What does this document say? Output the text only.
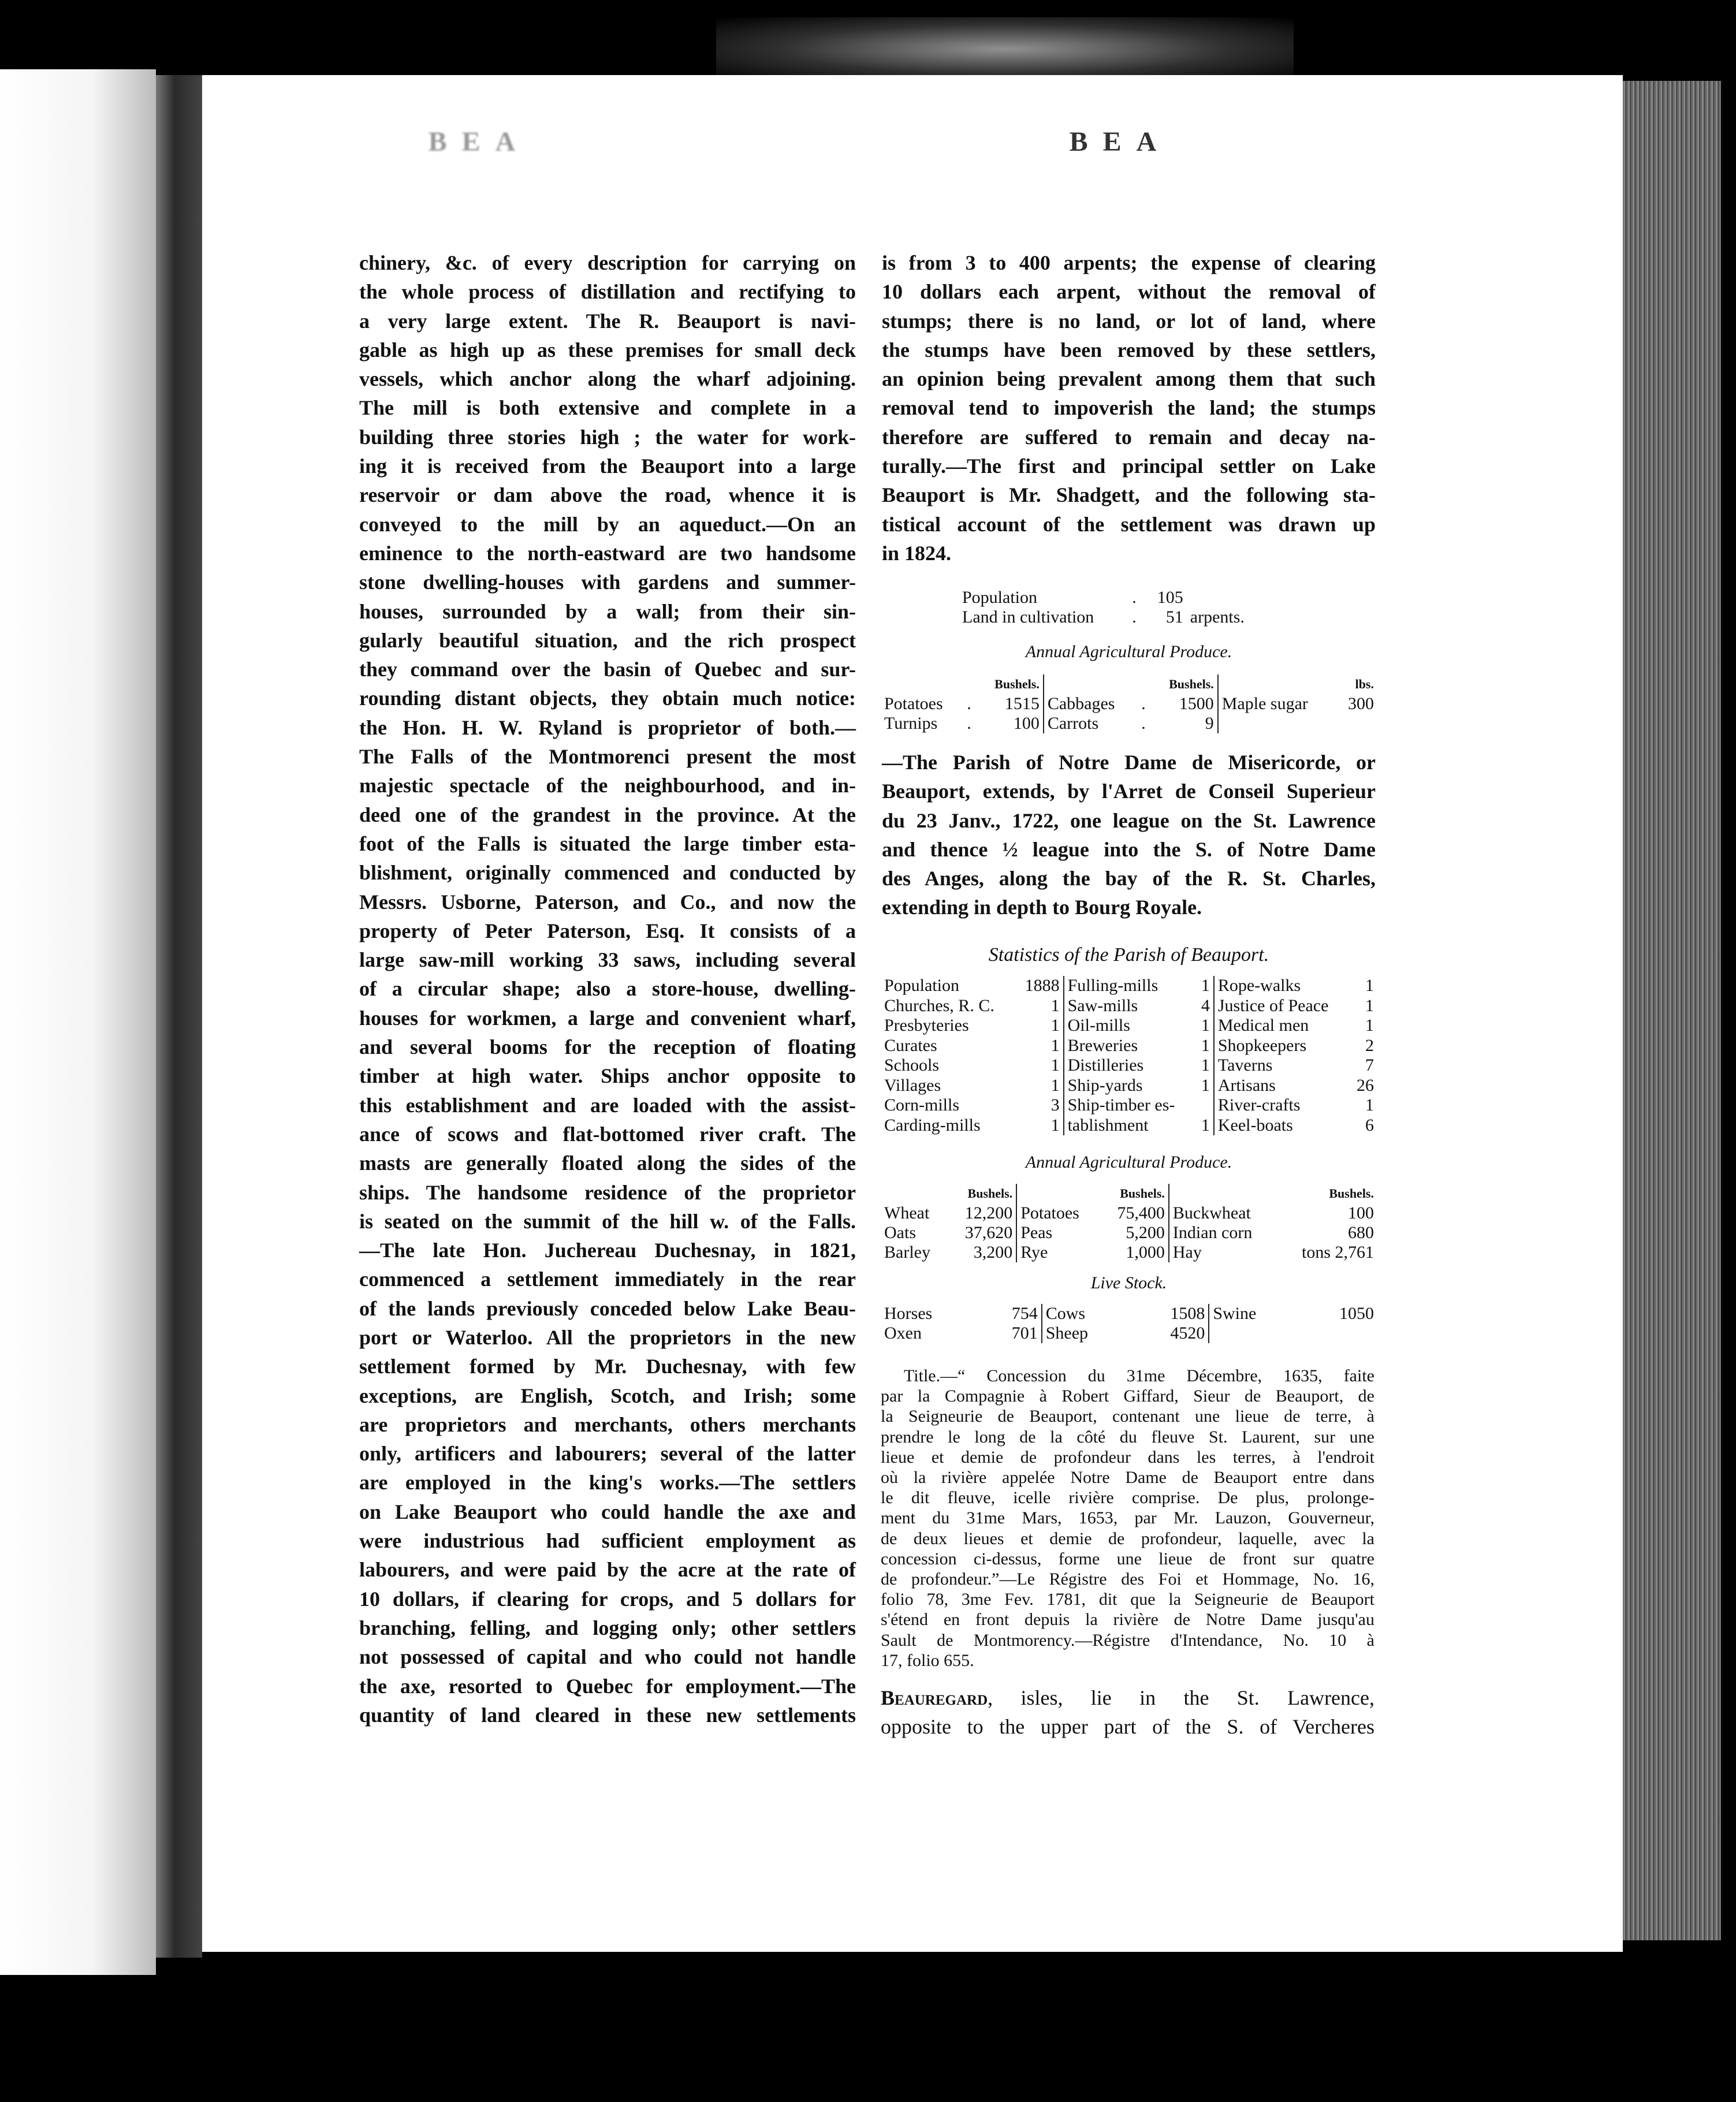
BEA	BEA

chinery, &c. of every description for carrying on

the whole process of distillation and rectifying to

a very large extent. The R. Beauport is navi-

gable as high up as these premises for small deck

vessels, which anchor along the wharf adjoining.

The mill is both extensive and complete in a

building three stories high ; the water for work-

ing it is received from the Beauport into a large

reservoir or dam above the road, whence it is

conveyed to the mill by an aqueduct.—On an

eminence to the north-eastward are two handsome

stone dwelling-houses with gardens and summer-

houses, surrounded by a wall; from their sin-

gularly beautiful situation, and the rich prospect

they command over the basin of Quebec and sur-

rounding distant objects, they obtain much notice:

the Hon. H. W. Ryland is proprietor of both.—

The Falls of the Montmorenci present the most

majestic spectacle of the neighbourhood, and in-

deed one of the grandest in the province. At the

foot of the Falls is situated the large timber esta-

blishment, originally commenced and conducted by

Messrs. Usborne, Paterson, and Co., and now the

property of Peter Paterson, Esq. It consists of a

large saw-mill working 33 saws, including several

of a circular shape; also a store-house, dwelling-

houses for workmen, a large and convenient wharf,

and several booms for the reception of floating

timber at high water. Ships anchor opposite to

this establishment and are loaded with the assist-

ance of scows and flat-bottomed river craft. The

masts are generally floated along the sides of the

ships. The handsome residence of the proprietor

is seated on the summit of the hill w. of the Falls.

—The late Hon. Juchereau Duchesnay, in 1821,

commenced a settlement immediately in the rear

of the lands previously conceded below Lake Beau-

port or Waterloo. All the proprietors in the new

settlement formed by Mr. Duchesnay, with few

exceptions, are English, Scotch, and Irish; some

are proprietors and merchants, others merchants

only, artificers and labourers; several of the latter

are employed in the king's works.—The settlers

on Lake Beauport who could handle the axe and

were industrious had sufficient employment as

labourers, and were paid by the acre at the rate of

10 dollars, if clearing for crops, and 5 dollars for

branching, felling, and logging only; other settlers

not possessed of capital and who could not handle

the axe, resorted to Quebec for employment.—The

quantity of land cleared in these new settlements

is from 3 to 400 arpents; the expense of clearing

10 dollars each arpent, without the removal of

stumps; there is no land, or lot of land, where

the stumps have been removed by these settlers,

an opinion being prevalent among them that such

removal tend to impoverish the land; the stumps

therefore are suffered to remain and decay na-

turally.—The first and principal settler on Lake

Beauport is Mr. Shadgett, and the following sta-

tistical account of the settlement was drawn up

in 1824.

Population	.	105	
Land in cultivation	.	51	arpents.
Annual Agricultural Produce.
		Bushels.				Bushels.			lbs.
Potatoes	.	1515		Cabbages	.	1500		Maple sugar	300
Turnips	.	100		Carrots	.	9			

—The Parish of Notre Dame de Misericorde, or

Beauport, extends, by l'Arret de Conseil Superieur

du 23 Janv., 1722, one league on the St. Lawrence

and thence ½ league into the S. of Notre Dame

des Anges, along the bay of the R. St. Charles,

extending in depth to Bourg Royale.

Statistics of the Parish of Beauport.
Population	1888		Fulling-mills	1		Rope-walks	1
Churches, R. C.	1		Saw-mills	4		Justice of Peace	1
Presbyteries	1		Oil-mills	1		Medical men	1
Curates	1		Breweries	1		Shopkeepers	2
Schools	1		Distilleries	1		Taverns	7
Villages	1		Ship-yards	1		Artisans	26
Corn-mills	3		Ship-timber es-			River-crafts	1
Carding-mills	1		tablishment	1		Keel-boats	6
Annual Agricultural Produce.
	Bushels.			Bushels.			Bushels.
Wheat	12,200		Potatoes	75,400		Buckwheat	100
Oats	37,620		Peas	5,200		Indian corn	680
Barley	3,200		Rye	1,000		Hay	tons 2,761
Live Stock.
Horses	754		Cows	1508		Swine	1050
Oxen	701		Sheep	4520			

Title.—“ Concession du 31me Décembre, 1635, faite

par la Compagnie à Robert Giffard, Sieur de Beauport, de

la Seigneurie de Beauport, contenant une lieue de terre, à

prendre le long de la côté du fleuve St. Laurent, sur une

lieue et demie de profondeur dans les terres, à l'endroit

où la rivière appelée Notre Dame de Beauport entre dans

le dit fleuve, icelle rivière comprise. De plus, prolonge-

ment du 31me Mars, 1653, par Mr. Lauzon, Gouverneur,

de deux lieues et demie de profondeur, laquelle, avec la

concession ci-dessus, forme une lieue de front sur quatre

de profondeur.”—Le Régistre des Foi et Hommage, No. 16,

folio 78, 3me Fev. 1781, dit que la Seigneurie de Beauport

s'étend en front depuis la rivière de Notre Dame jusqu'au

Sault de Montmorency.—Régistre d'Intendance, No. 10 à

17, folio 655.

Beauregard, isles, lie in the St. Lawrence,

opposite to the upper part of the S. of Vercheres
